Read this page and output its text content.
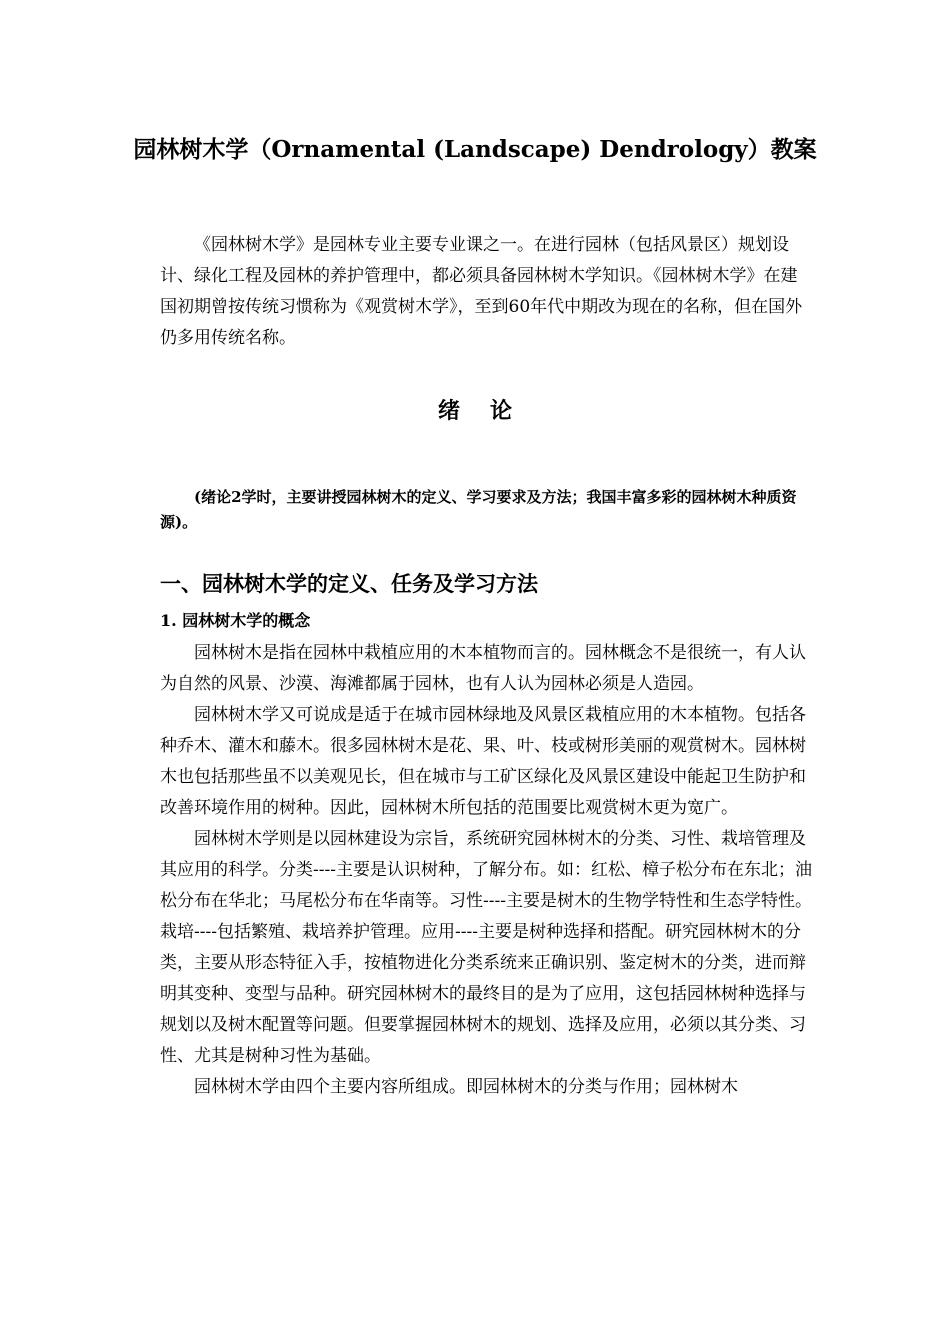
园林树木学（Ornamental (Landscape) Dendrology）教案

《园林树木学》是园林专业主要专业课之一。在进行园林（包括风景区）规划设计、绿化工程及园林的养护管理中，都必须具备园林树木学知识。《园林树木学》在建国初期曾按传统习惯称为《观赏树木学》，至到60年代中期改为现在的名称，但在国外仍多用传统名称。

绪论

(绪论2学时，主要讲授园林树木的定义、学习要求及方法；我国丰富多彩的园林树木种质资源)。

一、园林树木学的定义、任务及学习方法
1. 园林树木学的概念

园林树木是指在园林中栽植应用的木本植物而言的。园林概念不是很统一，有人认为自然的风景、沙漠、海滩都属于园林，也有人认为园林必须是人造园。

园林树木学又可说成是适于在城市园林绿地及风景区栽植应用的木本植物。包括各种乔木、灌木和藤木。很多园林树木是花、果、叶、枝或树形美丽的观赏树木。园林树木也包括那些虽不以美观见长，但在城市与工矿区绿化及风景区建设中能起卫生防护和改善环境作用的树种。因此，园林树木所包括的范围要比观赏树木更为宽广。

园林树木学则是以园林建设为宗旨，系统研究园林树木的分类、习性、栽培管理及其应用的科学。分类----主要是认识树种，了解分布。如：红松、樟子松分布在东北；油松分布在华北；马尾松分布在华南等。习性----主要是树木的生物学特性和生态学特性。栽培----包括繁殖、栽培养护管理。应用----主要是树种选择和搭配。研究园林树木的分类，主要从形态特征入手，按植物进化分类系统来正确识别、鉴定树木的分类，进而辩明其变种、变型与品种。研究园林树木的最终目的是为了应用，这包括园林树种选择与规划以及树木配置等问题。但要掌握园林树木的规划、选择及应用，必须以其分类、习性、尤其是树种习性为基础。

园林树木学由四个主要内容所组成。即园林树木的分类与作用；园林树木
